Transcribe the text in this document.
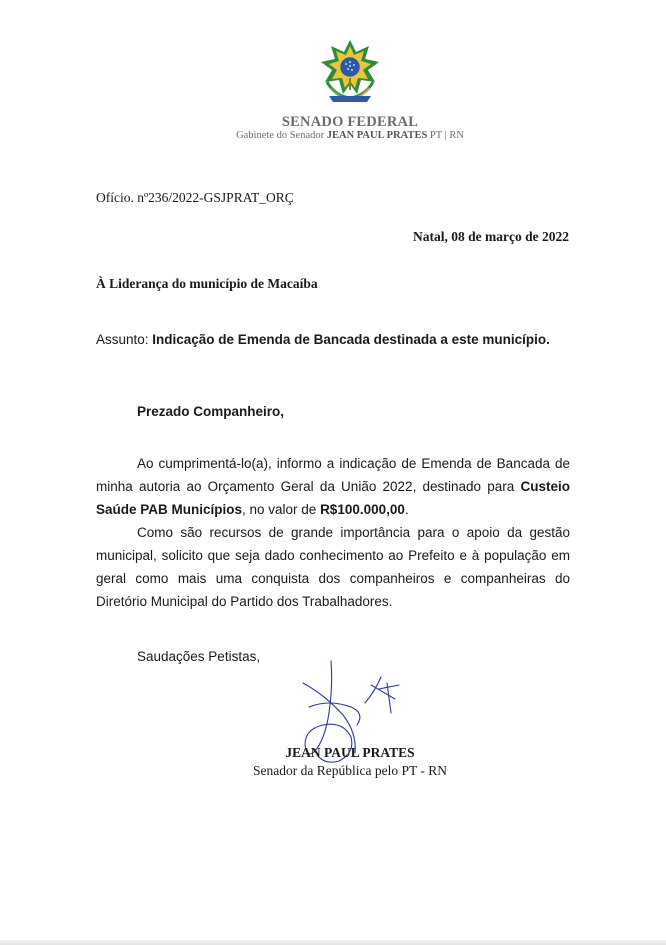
SENADO FEDERAL
Gabinete do Senador JEAN PAUL PRATES PT | RN
Ofício. nº236/2022-GSJPRAT_ORÇ
Natal, 08 de março de 2022
À Liderança do município de Macaíba
Assunto: Indicação de Emenda de Bancada destinada a este município.
Prezado Companheiro,

Ao cumprimentá-lo(a), informo a indicação de Emenda de Bancada de minha autoria ao Orçamento Geral da União 2022, destinado para Custeio Saúde PAB Municípios, no valor de R$100.000,00.

Como são recursos de grande importância para o apoio da gestão municipal, solicito que seja dado conhecimento ao Prefeito e à população em geral como mais uma conquista dos companheiros e companheiras do Diretório Municipal do Partido dos Trabalhadores.

Saudações Petistas,
JEAN PAUL PRATES
Senador da República pelo PT - RN
